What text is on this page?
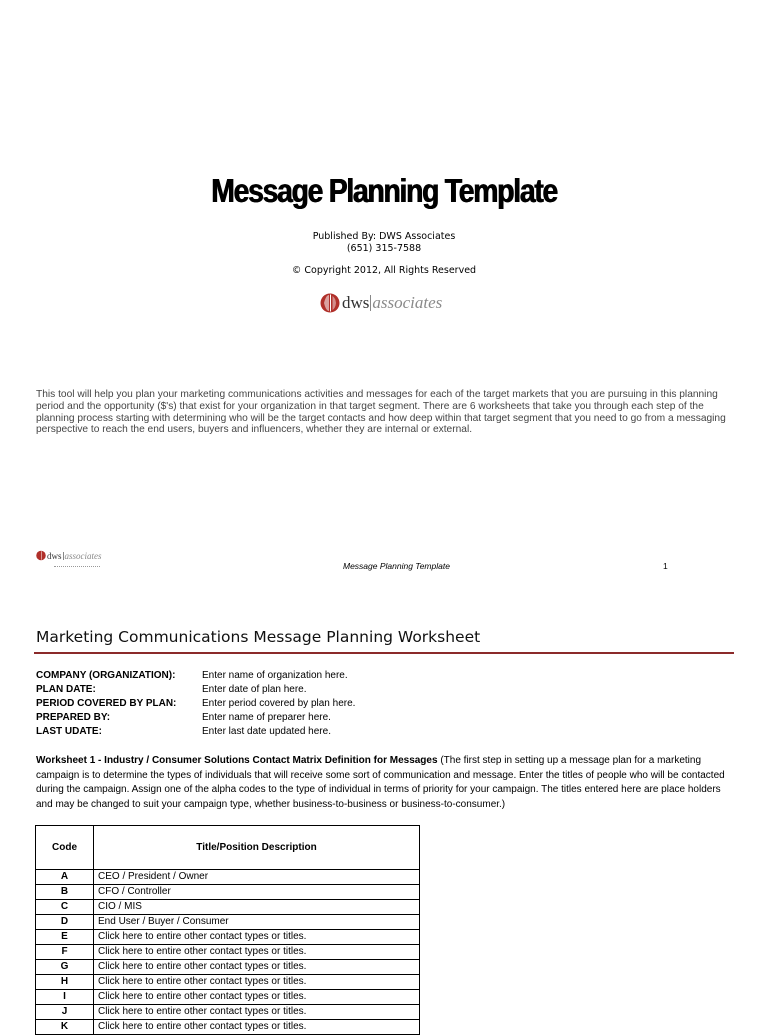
Message Planning Template
Published By: DWS Associates
(651) 315-7588
© Copyright 2012, All Rights Reserved
dws associates
This tool will help you plan your marketing communications activities and messages for each of the target markets that you are pursuing in this planning period and the opportunity ($'s) that exist for your organization in that target segment. There are 6 worksheets that take you through each step of the planning process starting with determining who will be the target contacts and how deep within that target segment that you need to go from a messaging perspective to reach the end users, buyers and influencers, whether they are internal or external.
dws associates
Message Planning Template	1
Marketing Communications Message Planning Worksheet
COMPANY (ORGANIZATION):	Enter name of organization here.
PLAN DATE:	Enter date of plan here.
PERIOD COVERED BY PLAN:	Enter period covered by plan here.
PREPARED BY:	Enter name of preparer here.
LAST UDATE:	Enter last date updated here.
Worksheet 1 - Industry / Consumer Solutions Contact Matrix Definition for Messages (The first step in setting up a message plan for a marketing campaign is to determine the types of individuals that will receive some sort of communication and message. Enter the titles of people who will be contacted during the campaign. Assign one of the alpha codes to the type of individual in terms of priority for your campaign. The titles entered here are place holders and may be changed to suit your campaign type, whether business-to-business or business-to-consumer.)
Code	Title/Position Description
A	CEO / President / Owner
B	CFO / Controller
C	CIO / MIS
D	End User / Buyer / Consumer
E	Click here to entire other contact types or titles.
F	Click here to entire other contact types or titles.
G	Click here to entire other contact types or titles.
H	Click here to entire other contact types or titles.
I	Click here to entire other contact types or titles.
J	Click here to entire other contact types or titles.
K	Click here to entire other contact types or titles.
